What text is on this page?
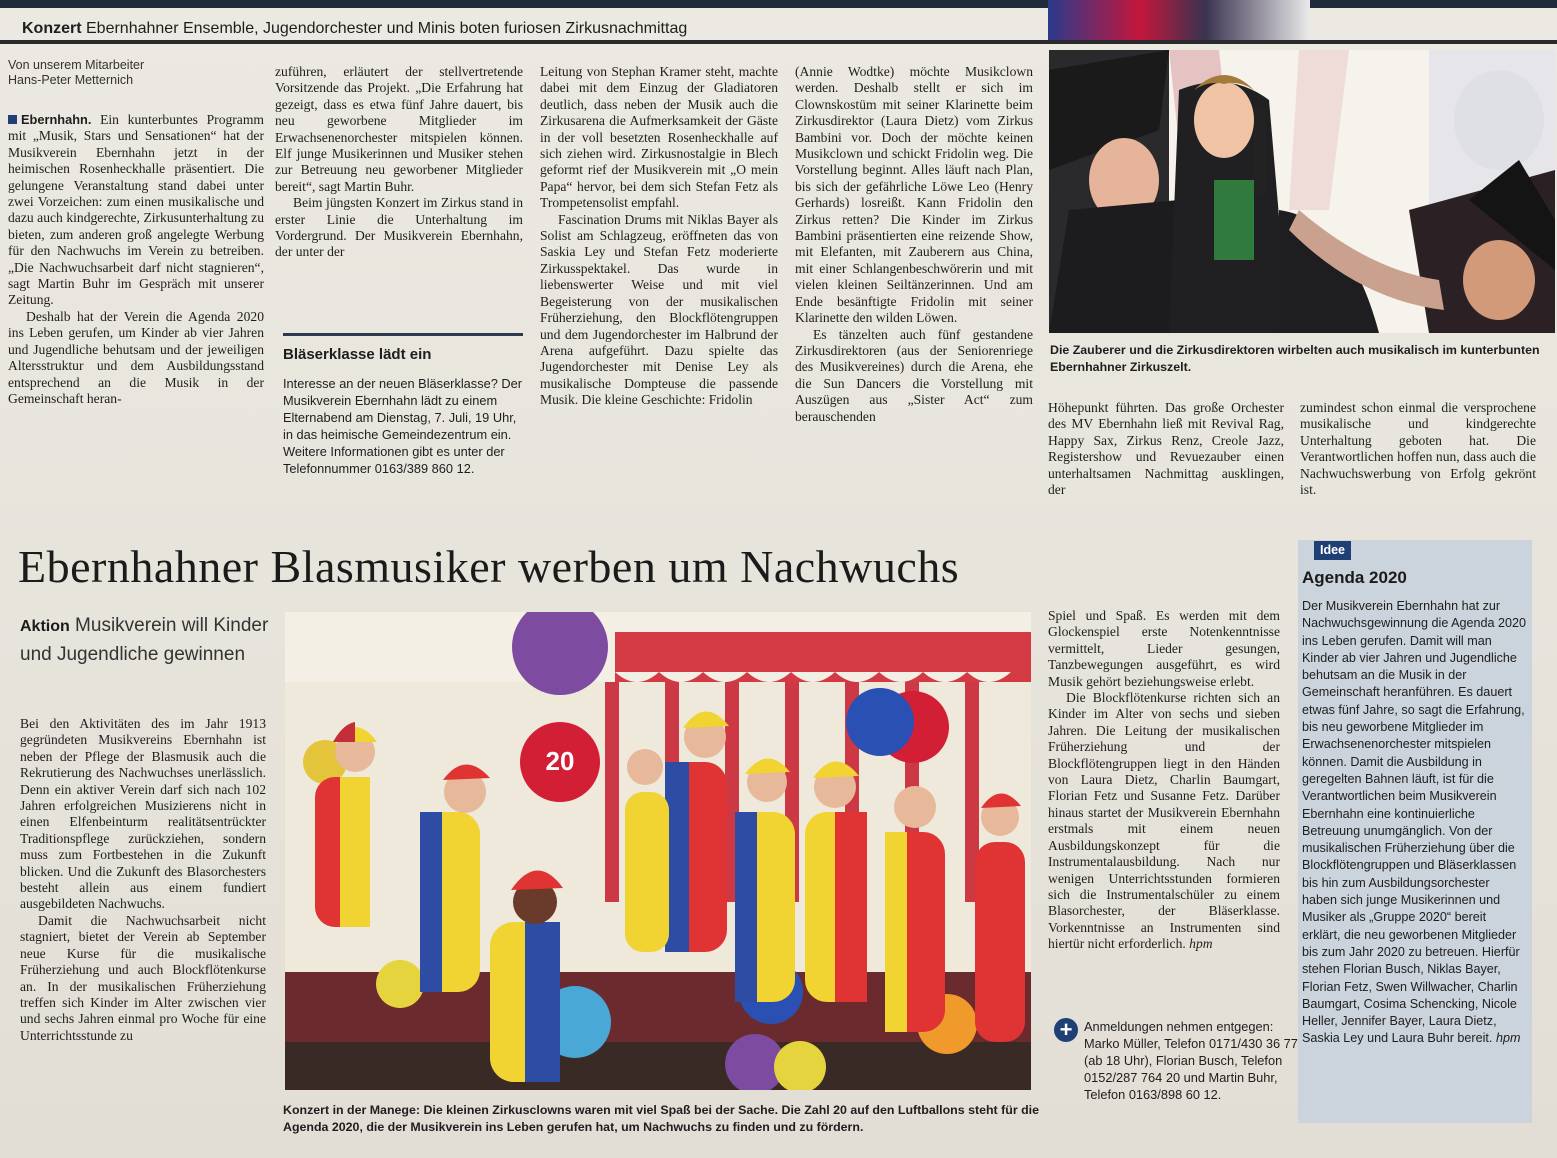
Konzert Ebernhahner Ensemble, Jugendorchester und Minis boten furiosen Zirkusnachmittag
Von unserem Mitarbeiter
Hans-Peter Metternich

Ebernhahn. Ein kunterbuntes Programm mit „Musik, Stars und Sensationen“ hat der Musikverein Ebernhahn jetzt in der heimischen Rosenheckhalle präsentiert. Die gelungene Veranstaltung stand dabei unter zwei Vorzeichen: zum einen musikalische und dazu auch kindgerechte, Zirkusunterhaltung zu bieten, zum anderen groß angelegte Werbung für den Nachwuchs im Verein zu betreiben. „Die Nachwuchsarbeit darf nicht stagnieren“, sagt Martin Buhr im Gespräch mit unserer Zeitung.

Deshalb hat der Verein die Agenda 2020 ins Leben gerufen, um Kinder ab vier Jahren und Jugendliche behutsam und der jeweiligen Altersstruktur und dem Ausbildungsstand entsprechend an die Musik in der Gemeinschaft heran-

zuführen, erläutert der stellvertretende Vorsitzende das Projekt. „Die Erfahrung hat gezeigt, dass es etwa fünf Jahre dauert, bis neu geworbene Mitglieder im Erwachsenenorchester mitspielen können. Elf junge Musikerinnen und Musiker stehen zur Betreuung neu geworbener Mitglieder bereit“, sagt Martin Buhr.

Beim jüngsten Konzert im Zirkus stand in erster Linie die Unterhaltung im Vordergrund. Der Musikverein Ebernhahn, der unter der

Bläserklasse lädt ein
Interesse an der neuen Bläserklasse? Der Musikverein Ebernhahn lädt zu einem Elternabend am Dienstag, 7. Juli, 19 Uhr, in das heimische Gemeindezentrum ein. Weitere Informationen gibt es unter der Telefonnummer 0163/389 860 12.

Leitung von Stephan Kramer steht, machte dabei mit dem Einzug der Gladiatoren deutlich, dass neben der Musik auch die Zirkusarena die Aufmerksamkeit der Gäste in der voll besetzten Rosenheckhalle auf sich ziehen wird. Zirkusnostalgie in Blech geformt rief der Musikverein mit „O mein Papa“ hervor, bei dem sich Stefan Fetz als Trompetensolist empfahl.

Fascination Drums mit Niklas Bayer als Solist am Schlagzeug, eröffneten das von Saskia Ley und Stefan Fetz moderierte Zirkusspektakel. Das wurde in liebenswerter Weise und mit viel Begeisterung von der musikalischen Früherziehung, den Blockflötengruppen und dem Jugendorchester im Halbrund der Arena aufgeführt. Dazu spielte das Jugendorchester mit Denise Ley als musikalische Dompteuse die passende Musik. Die kleine Geschichte: Fridolin

(Annie Wodtke) möchte Musikclown werden. Deshalb stellt er sich im Clownskostüm mit seiner Klarinette beim Zirkusdirektor (Laura Dietz) vom Zirkus Bambini vor. Doch der möchte keinen Musikclown und schickt Fridolin weg. Die Vorstellung beginnt. Alles läuft nach Plan, bis sich der gefährliche Löwe Leo (Henry Gerhards) losreißt. Kann Fridolin den Zirkus retten? Die Kinder im Zirkus Bambini präsentierten eine reizende Show, mit Elefanten, mit Zauberern aus China, mit einer Schlangenbeschwörerin und mit vielen kleinen Seiltänzerinnen. Und am Ende besänftigte Fridolin mit seiner Klarinette den wilden Löwen.

Es tänzelten auch fünf gestandene Zirkusdirektoren (aus der Seniorenriege des Musikvereines) durch die Arena, ehe die Sun Dancers die Vorstellung mit Auszügen aus „Sister Act“ zum berauschenden

Die Zauberer und die Zirkusdirektoren wirbelten auch musikalisch im kunterbunten Ebernhahner Zirkuszelt.

Höhepunkt führten. Das große Orchester des MV Ebernhahn ließ mit Revival Rag, Happy Sax, Zirkus Renz, Creole Jazz, Registershow und Revuezauber einen unterhaltsamen Nachmittag ausklingen, der

zumindest schon einmal die versprochene musikalische und kindgerechte Unterhaltung geboten hat. Die Verantwortlichen hoffen nun, dass auch die Nachwuchswerbung von Erfolg gekrönt ist.

Ebernhahner Blasmusiker werben um Nachwuchs
Aktion Musikverein will Kinder und Jugendliche gewinnen

Bei den Aktivitäten des im Jahr 1913 gegründeten Musikvereins Ebernhahn ist neben der Pflege der Blasmusik auch die Rekrutierung des Nachwuchses unerlässlich. Denn ein aktiver Verein darf sich nach 102 Jahren erfolgreichen Musizierens nicht in einen Elfenbeinturm realitätsentrückter Traditionspflege zurückziehen, sondern muss zum Fortbestehen in die Zukunft blicken. Und die Zukunft des Blasorchesters besteht allein aus einem fundiert ausgebildeten Nachwuchs.

Damit die Nachwuchsarbeit nicht stagniert, bietet der Verein ab September neue Kurse für die musikalische Früherziehung und auch Blockflötenkurse an. In der musikalischen Früherziehung treffen sich Kinder im Alter zwischen vier und sechs Jahren einmal pro Woche für eine Unterrichtsstunde zu

20
Konzert in der Manege: Die kleinen Zirkusclowns waren mit viel Spaß bei der Sache. Die Zahl 20 auf den Luftballons steht für die Agenda 2020, die der Musikverein ins Leben gerufen hat, um Nachwuchs zu finden und zu fördern.

Spiel und Spaß. Es werden mit dem Glockenspiel erste Notenkenntnisse vermittelt, Lieder gesungen, Tanzbewegungen ausgeführt, es wird Musik gehört beziehungsweise erlebt.

Die Blockflötenkurse richten sich an Kinder im Alter von sechs und sieben Jahren. Die Leitung der musikalischen Früherziehung und der Blockflötengruppen liegt in den Händen von Laura Dietz, Charlin Baumgart, Florian Fetz und Susanne Fetz. Darüber hinaus startet der Musikverein Ebernhahn erstmals mit einem neuen Ausbildungskonzept für die Instrumentalausbildung. Nach nur wenigen Unterrichtsstunden formieren sich die Instrumentalschüler zu einem Blasorchester, der Bläserklasse. Vorkenntnisse an Instrumenten sind hiertür nicht erforderlich. hpm

+ Anmeldungen nehmen entgegen: Marko Müller, Telefon 0171/430 36 77 (ab 18 Uhr), Florian Busch, Telefon 0152/287 764 20 und Martin Buhr, Telefon 0163/898 60 12.
Idee
Agenda 2020
Der Musikverein Ebernhahn hat zur Nachwuchsgewinnung die Agenda 2020 ins Leben gerufen. Damit will man Kinder ab vier Jahren und Jugendliche behutsam an die Musik in der Gemeinschaft heranführen. Es dauert etwas fünf Jahre, so sagt die Erfahrung, bis neu geworbene Mitglieder im Erwachsenenorchester mitspielen können. Damit die Ausbildung in geregelten Bahnen läuft, ist für die Verantwortlichen beim Musikverein Ebernhahn eine kontinuierliche Betreuung unumgänglich. Von der musikalischen Früherziehung über die Blockflötengruppen und Bläserklassen bis hin zum Ausbildungsorchester haben sich junge Musikerinnen und Musiker als „Gruppe 2020“ bereit erklärt, die neu geworbenen Mitglieder bis zum Jahr 2020 zu betreuen. Hierfür stehen Florian Busch, Niklas Bayer, Florian Fetz, Swen Willwacher, Charlin Baumgart, Cosima Schencking, Nicole Heller, Jennifer Bayer, Laura Dietz, Saskia Ley und Laura Buhr bereit. hpm
